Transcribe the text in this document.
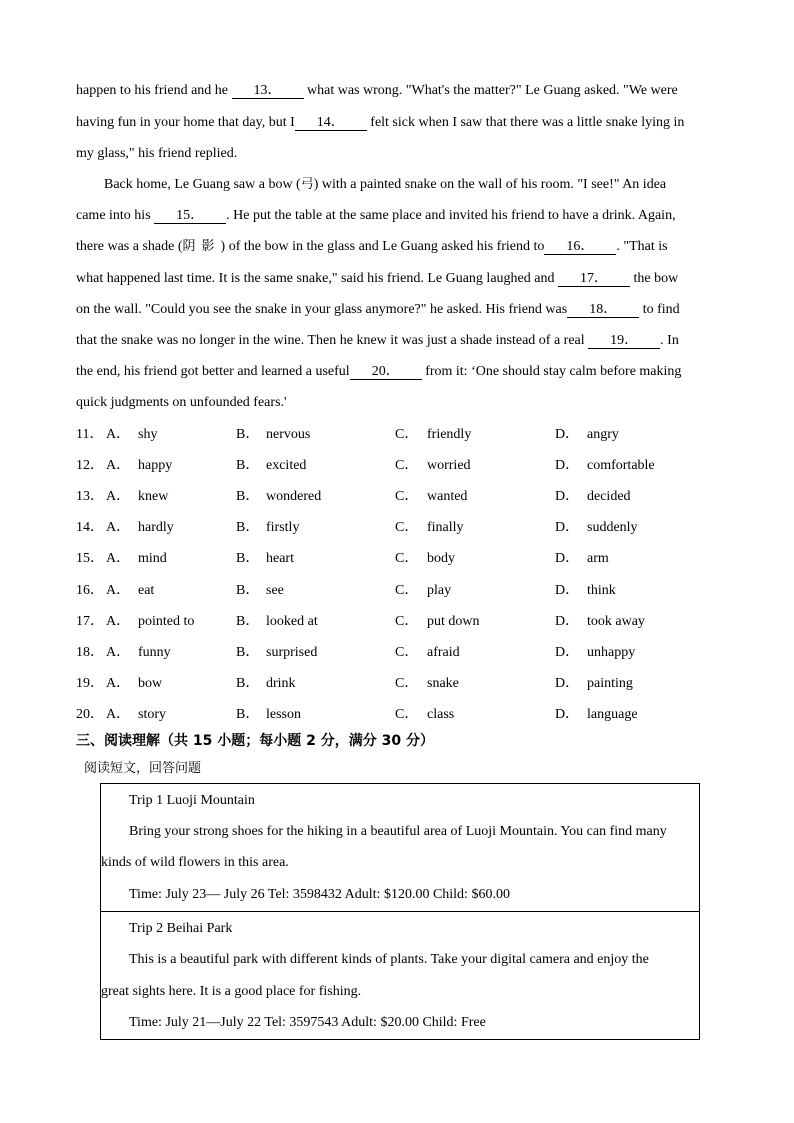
happen to his friend and he 13． what was wrong. "What's the matter?" Le Guang asked. "We were
having fun in your home that day, but I 14． felt sick when I saw that there was a little snake lying in
my glass," his friend replied.
Back home, Le Guang saw a bow (弓) with a painted snake on the wall of his room. "I see!" An idea
came into his 15． . He put the table at the same place and invited his friend to have a drink. Again,
there was a shade (阴影) of the bow in the glass and Le Guang asked his friend to 16． . "That is
what happened last time. It is the same snake," said his friend. Le Guang laughed and 17． the bow
on the wall. "Could you see the snake in your glass anymore?" he asked. His friend was 18． to find
that the snake was no longer in the wine. Then he knew it was just a shade instead of a real 19． . In
the end, his friend got better and learned a useful 20． from it: ‘One should stay calm before making
quick judgments on unfounded fears.'
11． A． shy	B． nervous	C． friendly	D． angry
12． A． happy	B． excited	C． worried	D． comfortable
13． A． knew	B． wondered	C． wanted	D． decided
14． A． hardly	B． firstly	C． finally	D． suddenly
15． A． mind	B． heart	C． body	D． arm
16． A． eat	B． see	C． play	D． think
17． A． pointed to	B． looked at	C． put down	D． took away
18． A． funny	B． surprised	C． afraid	D． unhappy
19． A． bow	B． drink	C． snake	D． painting
20． A． story	B． lesson	C． class	D． language
三、阅读理解（共 15 小题；每小题 2 分，满分 30 分）
阅读短文，回答问题
Trip 1 Luoji Mountain
Bring your strong shoes for the hiking in a beautiful area of Luoji Mountain. You can find many
kinds of wild flowers in this area.
Time: July 23— July 26 Tel: 3598432 Adult: $120.00 Child: $60.00
Trip 2 Beihai Park
This is a beautiful park with different kinds of plants. Take your digital camera and enjoy the
great sights here. It is a good place for fishing.
Time: July 21—July 22 Tel: 3597543 Adult: $20.00 Child: Free
